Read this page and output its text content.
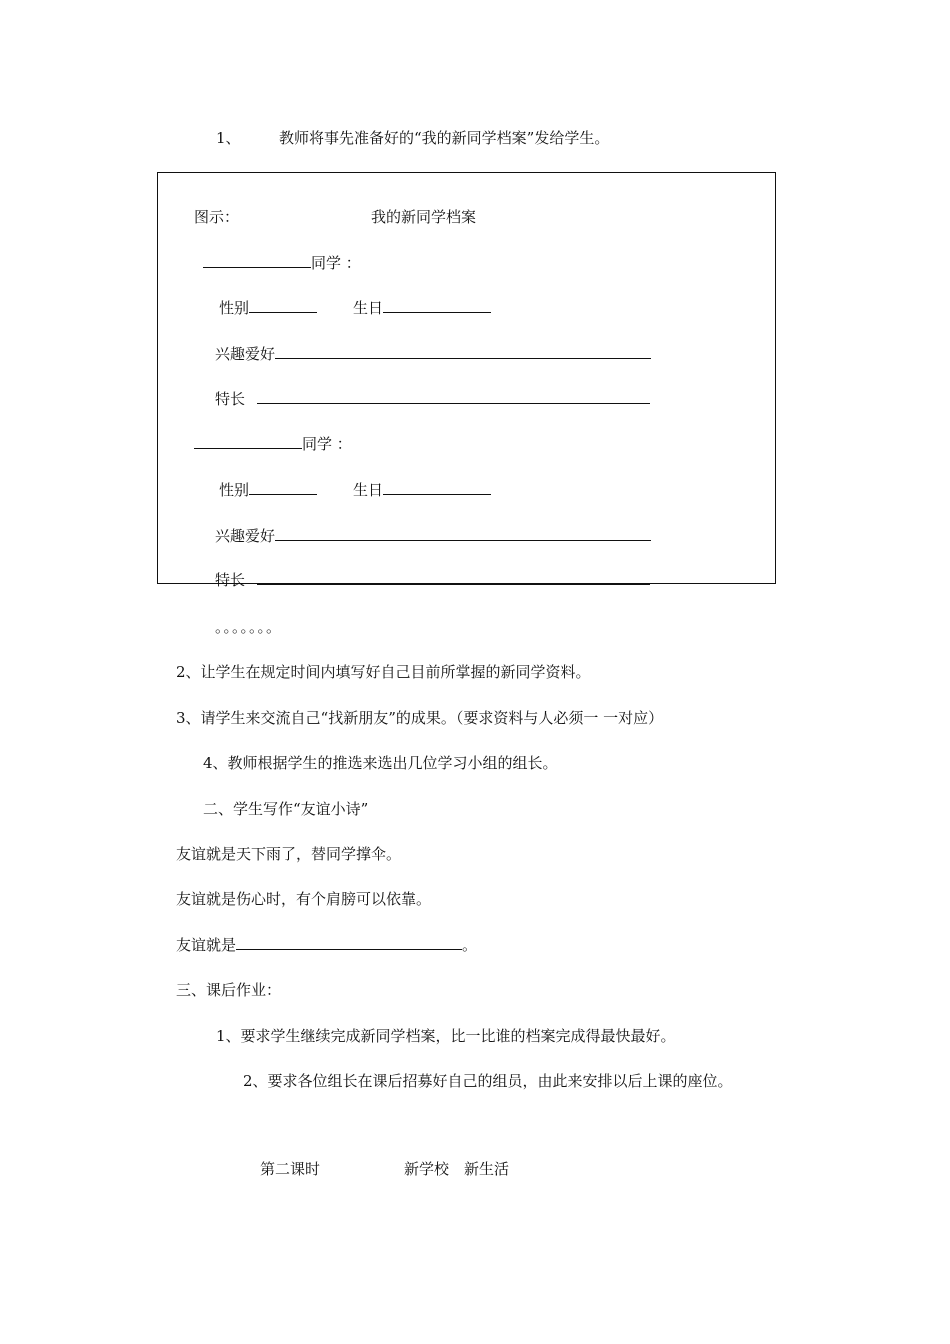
1、	教师将事先准备好的“我的新同学档案”发给学生。
图示：	我的新同学档案
同学 ：
性别	生日
兴趣爱好
特长
同学 ：
性别	生日
兴趣爱好
特长
。。。。。。。
2、让学生在规定时间内填写好自己目前所掌握的新同学资料。
3、请学生来交流自己“找新朋友”的成果。（要求资料与人必须一 一对应）
4、教师根据学生的推选来选出几位学习小组的组长。
二、学生写作“友谊小诗”
友谊就是天下雨了，替同学撑伞。
友谊就是伤心时，有个肩膀可以依靠。
友谊就是	。
三、课后作业：
1、要求学生继续完成新同学档案，比一比谁的档案完成得最快最好。
2、要求各位组长在课后招募好自己的组员，由此来安排以后上课的座位。
第二课时	新学校　新生活
